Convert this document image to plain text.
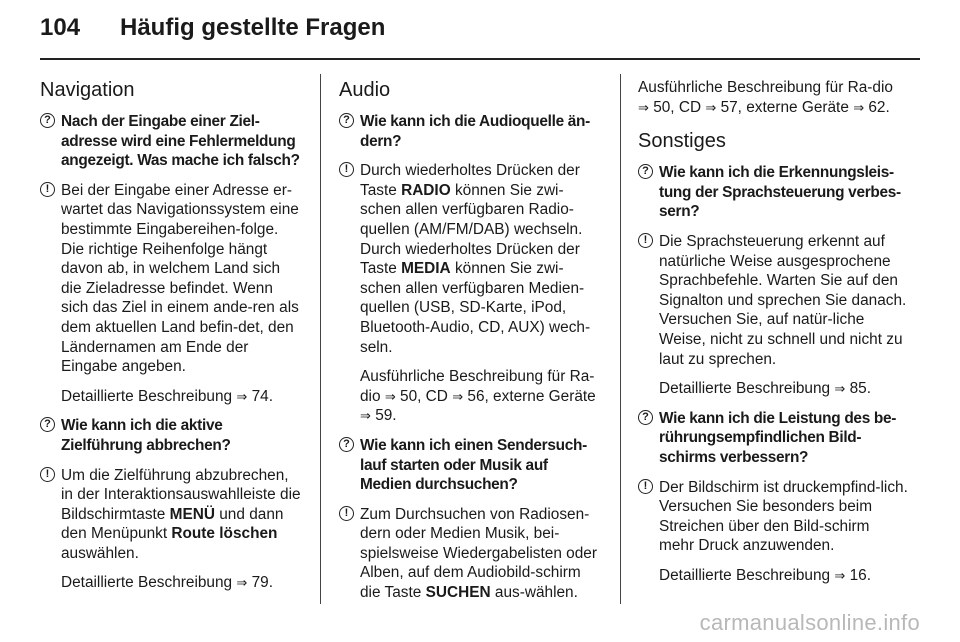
104 Häufig gestellte Fragen
Navigation
? Nach der Eingabe einer Ziel-adresse wird eine Fehlermeldung angezeigt. Was mache ich falsch?
! Bei der Eingabe einer Adresse er-wartet das Navigationssystem eine bestimmte Eingabereihen-folge. Die richtige Reihenfolge hängt davon ab, in welchem Land sich die Zieladresse befindet. Wenn sich das Ziel in einem ande-ren als dem aktuellen Land befin-det, den Ländernamen am Ende der Eingabe angeben.
Detaillierte Beschreibung ⇒ 74.
? Wie kann ich die aktive Zielführung abbrechen?
! Um die Zielführung abzubrechen, in der Interaktionsauswahlleiste die Bildschirmtaste MENÜ und dann den Menüpunkt Route löschen auswählen.
Detaillierte Beschreibung ⇒ 79.
Audio
? Wie kann ich die Audioquelle än-dern?
! Durch wiederholtes Drücken der Taste RADIO können Sie zwi-schen allen verfügbaren Radio-quellen (AM/FM/DAB) wechseln. Durch wiederholtes Drücken der Taste MEDIA können Sie zwi-schen allen verfügbaren Medien-quellen (USB, SD-Karte, iPod, Bluetooth-Audio, CD, AUX) wech-seln.
Ausführliche Beschreibung für Ra-dio ⇒ 50, CD ⇒ 56, externe Geräte ⇒ 59.
? Wie kann ich einen Sendersuch-lauf starten oder Musik auf Medien durchsuchen?
! Zum Durchsuchen von Radiosen-dern oder Medien Musik, bei-spielsweise Wiedergabelisten oder Alben, auf dem Audiobild-schirm die Taste SUCHEN aus-wählen.
Ausführliche Beschreibung für Ra-dio ⇒ 50, CD ⇒ 57, externe Geräte ⇒ 62.
Sonstiges
? Wie kann ich die Erkennungsleis-tung der Sprachsteuerung verbes-sern?
! Die Sprachsteuerung erkennt auf natürliche Weise ausgesprochene Sprachbefehle. Warten Sie auf den Signalton und sprechen Sie danach. Versuchen Sie, auf natür-liche Weise, nicht zu schnell und nicht zu laut zu sprechen.
Detaillierte Beschreibung ⇒ 85.
? Wie kann ich die Leistung des be-rührungsempfindlichen Bild-schirms verbessern?
! Der Bildschirm ist druckempfind-lich. Versuchen Sie besonders beim Streichen über den Bild-schirm mehr Druck anzuwenden.
Detaillierte Beschreibung ⇒ 16.
carmanualsonline.info
